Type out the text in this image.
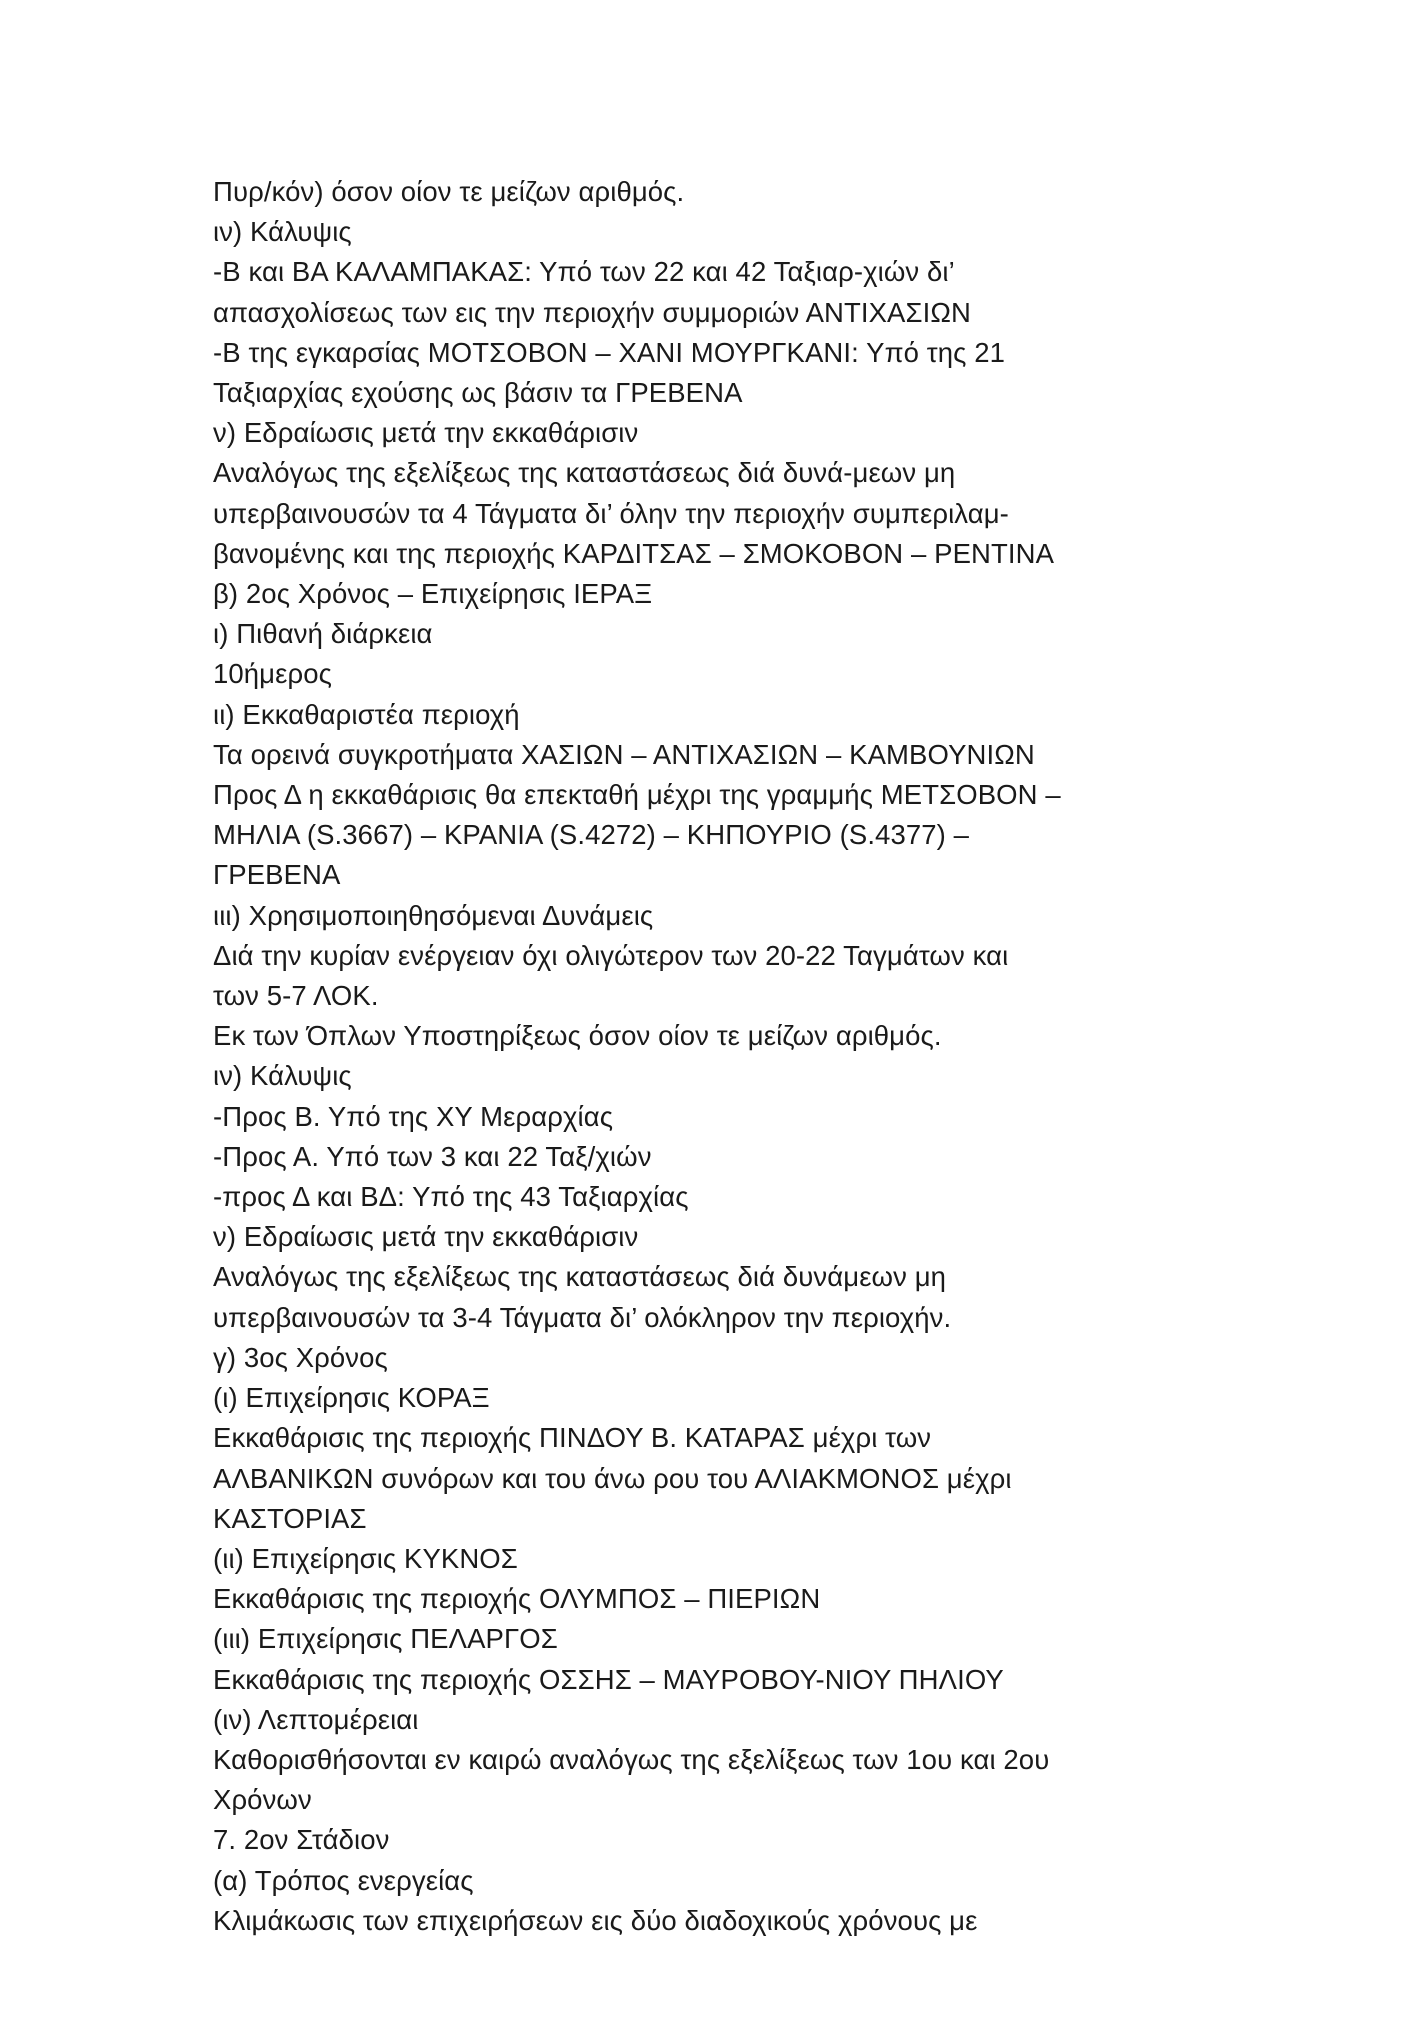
Πυρ/κόν) όσον οίον τε μείζων αριθμός.
ιν) Κάλυψις
-Β και ΒΑ ΚΑΛΑΜΠΑΚΑΣ: Υπό των 22 και 42 Ταξιαρ-χιών δι’
απασχολίσεως των εις την περιοχήν συμμοριών ΑΝΤΙΧΑΣΙΩΝ
-Β της εγκαρσίας ΜΟΤΣΟΒΟΝ – ΧΑΝΙ ΜΟΥΡΓΚΑΝΙ: Υπό της 21
Ταξιαρχίας εχούσης ως βάσιν τα ΓΡΕΒΕΝΑ
ν) Εδραίωσις μετά την εκκαθάρισιν
Αναλόγως της εξελίξεως της καταστάσεως διά δυνά-μεων μη
υπερβαινουσών τα 4 Τάγματα δι’ όλην την περιοχήν συμπεριλαμ-
βανομένης και της περιοχής ΚΑΡΔΙΤΣΑΣ – ΣΜΟΚΟΒΟΝ – ΡΕΝΤΙΝΑ
β) 2ος Χρόνος – Επιχείρησις ΙΕΡΑΞ
ι) Πιθανή διάρκεια
10ήμερος
ιι) Εκκαθαριστέα περιοχή
Τα ορεινά συγκροτήματα ΧΑΣΙΩΝ – ΑΝΤΙΧΑΣΙΩΝ – ΚΑΜΒΟΥΝΙΩΝ
Προς Δ η εκκαθάρισις θα επεκταθή μέχρι της γραμμής ΜΕΤΣΟΒΟΝ –
ΜΗΛΙΑ (S.3667) – ΚΡΑΝΙΑ (S.4272) – ΚΗΠΟΥΡΙΟ (S.4377) –
ΓΡΕΒΕΝΑ
ιιι) Χρησιμοποιηθησόμεναι Δυνάμεις
Διά την κυρίαν ενέργειαν όχι ολιγώτερον των 20-22 Ταγμάτων και
των 5-7 ΛΟΚ.
Εκ των Όπλων Υποστηρίξεως όσον οίον τε μείζων αριθμός.
ιν) Κάλυψις
-Προς Β. Υπό της ΧΥ Μεραρχίας
-Προς Α. Υπό των 3 και 22 Ταξ/χιών
-προς Δ και ΒΔ: Υπό της 43 Ταξιαρχίας
ν) Εδραίωσις μετά την εκκαθάρισιν
Αναλόγως της εξελίξεως της καταστάσεως διά δυνάμεων μη
υπερβαινουσών τα 3-4 Τάγματα δι’ ολόκληρον την περιοχήν.
γ) 3ος Χρόνος
(ι) Επιχείρησις ΚΟΡΑΞ
Εκκαθάρισις της περιοχής ΠΙΝΔΟΥ Β. ΚΑΤΑΡΑΣ μέχρι των
ΑΛΒΑΝΙΚΩΝ συνόρων και του άνω ρου του ΑΛΙΑΚΜΟΝΟΣ μέχρι
ΚΑΣΤΟΡΙΑΣ
(ιι) Επιχείρησις ΚΥΚΝΟΣ
Εκκαθάρισις της περιοχής ΟΛΥΜΠΟΣ – ΠΙΕΡΙΩΝ
(ιιι) Επιχείρησις ΠΕΛΑΡΓΟΣ
Εκκαθάρισις της περιοχής ΟΣΣΗΣ – ΜΑΥΡΟΒΟΥ-ΝΙΟΥ ΠΗΛΙΟΥ
(ιν) Λεπτομέρειαι
Καθορισθήσονται εν καιρώ αναλόγως της εξελίξεως των 1ου και 2ου
Χρόνων
7. 2ον Στάδιον
(α) Τρόπος ενεργείας
Κλιμάκωσις των επιχειρήσεων εις δύο διαδοχικούς χρόνους με
